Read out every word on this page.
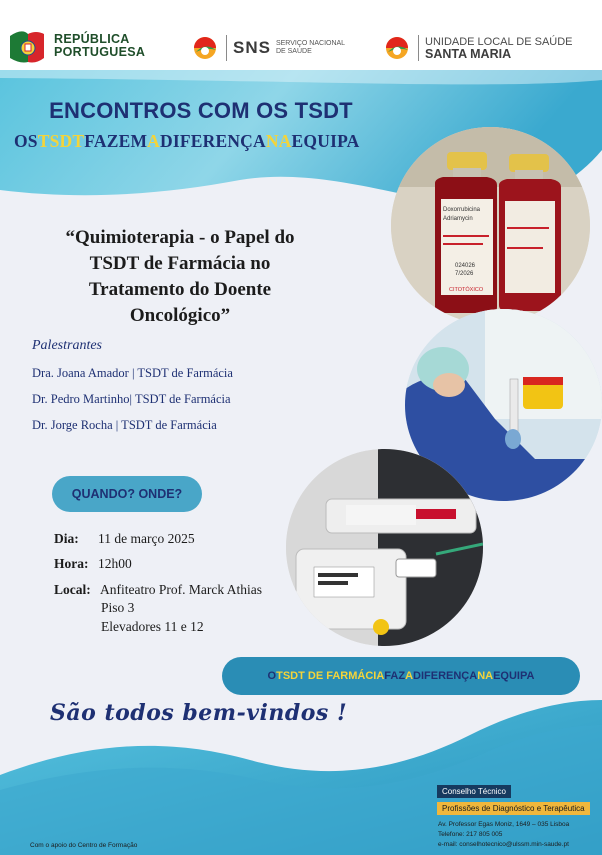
REPÚBLICA
PORTUGUESA	SNS SERVIÇO NACIONAL
DE SAÚDE
UNIDADE LOCAL DE SAÚDE
SANTA MARIA
ENCONTROS COM OS TSDT
OSTSDTFAZEMADIFERENÇANAEQUIPA
“Quimioterapia - o Papel do TSDT de Farmácia no Tratamento do Doente Oncológico”
Palestrantes
Dra. Joana Amador | TSDT de Farmácia
Dr. Pedro Martinho| TSDT de Farmácia
Dr. Jorge Rocha | TSDT de Farmácia
QUANDO? ONDE?
Dia: 11 de março 2025
Hora: 12h00
Local: Anfiteatro Prof. Marck Athias
Piso 3
Elevadores 11 e 12
Doxorrubicina
Adriamycin
024026
7/2026
CITOTÓXICO
O TSDT DE FARMÁCIA FAZ A DIFERENÇA NA EQUIPA
São todos bem-vindos !
Conselho Técnico
Profissões de Diagnóstico e Terapêutica
Av. Professor Egas Moniz, 1649 – 035 Lisboa
Telefone: 217 805 005
e-mail: conselhotecnico@ulssm.min-saude.pt
Com o apoio do Centro de Formação
